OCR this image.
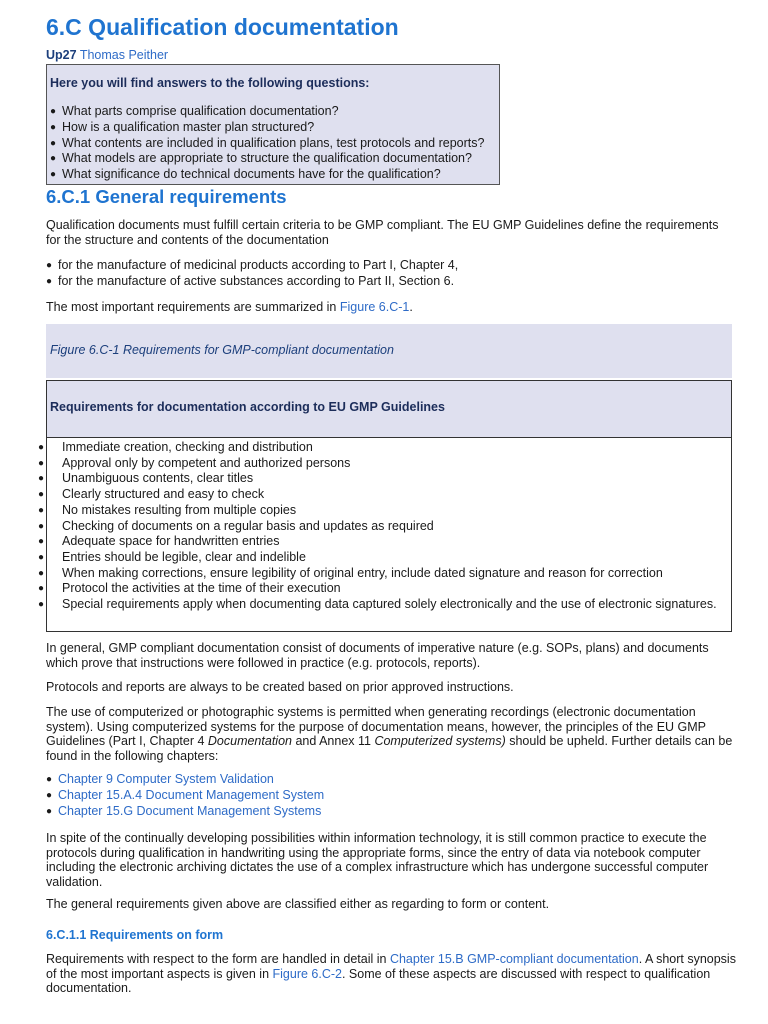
6.C Qualification documentation
Up27 Thomas Peither
Here you will find answers to the following questions:
● What parts comprise qualification documentation?
● How is a qualification master plan structured?
● What contents are included in qualification plans, test protocols and reports?
● What models are appropriate to structure the qualification documentation?
● What significance do technical documents have for the qualification?
6.C.1 General requirements

Qualification documents must fulfill certain criteria to be GMP compliant. The EU GMP Guidelines define the requirements for the structure and contents of the documentation

● for the manufacture of medicinal products according to Part I, Chapter 4,
● for the manufacture of active substances according to Part II, Section 6.

The most important requirements are summarized in Figure 6.C-1.

Figure 6.C-1 Requirements for GMP-compliant documentation
Requirements for documentation according to EU GMP Guidelines
● Immediate creation, checking and distribution
● Approval only by competent and authorized persons
● Unambiguous contents, clear titles
● Clearly structured and easy to check
● No mistakes resulting from multiple copies
● Checking of documents on a regular basis and updates as required
● Adequate space for handwritten entries
● Entries should be legible, clear and indelible
● When making corrections, ensure legibility of original entry, include dated signature and reason for correction
● Protocol the activities at the time of their execution
● Special requirements apply when documenting data captured solely electronically and the use of electronic signatures.

In general, GMP compliant documentation consist of documents of imperative nature (e.g. SOPs, plans) and documents which prove that instructions were followed in practice (e.g. protocols, reports).

Protocols and reports are always to be created based on prior approved instructions.

The use of computerized or photographic systems is permitted when generating recordings (electronic documentation system). Using computerized systems for the purpose of documentation means, however, the principles of the EU GMP Guidelines (Part I, Chapter 4 Documentation and Annex 11 Computerized systems) should be upheld. Further details can be found in the following chapters:

● Chapter 9 Computer System Validation
● Chapter 15.A.4 Document Management System
● Chapter 15.G Document Management Systems

In spite of the continually developing possibilities within information technology, it is still common practice to execute the protocols during qualification in handwriting using the appropriate forms, since the entry of data via notebook computer including the electronic archiving dictates the use of a complex infrastructure which has undergone successful computer validation.

The general requirements given above are classified either as regarding to form or content.

6.C.1.1 Requirements on form

Requirements with respect to the form are handled in detail in Chapter 15.B GMP-compliant documentation. A short synopsis of the most important aspects is given in Figure 6.C-2. Some of these aspects are discussed with respect to qualification documentation.
